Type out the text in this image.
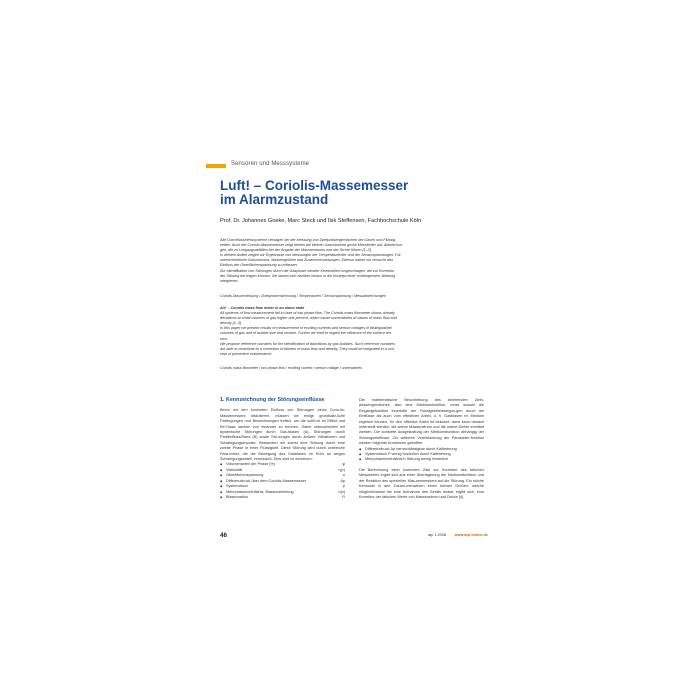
Sensoren und Messsysteme
Luft! – Coriolis-Massemesser
im Alarmzustand
Prof. Dr. Johannes Goeke, Marc Steck und Ilsk Steffensen, Fachhochschule Köln

Alle Durchflussmesssysteme versagen bei der Messung von Zweiphasengemischen bei Gasen und Flüssig-

keiten. Auch der Coriolis-Massemesser zeigt bereits bei kleinen Gasvolumina große Messfehler auf. Abweichun-

gen, die zu Umgangsabfällen bei der Angabe der Massenstroms und der Dichte führen [1–3].

In diesem Artikel zeigen wir Ergebnisse von Messungen der Temperaturfehler und der Sensorspannungen. Für

unterschiedliche Gasvolumina, Massengrößen und Zusammensetzungen. Ebenso haben wir versucht den

Einfluss der Oberflächenspannung zu erfassen.

Zur Identifikation von Störungen durch die Gasphase werden Kennzahlen vorgeschlagen, die zur Korrektur

der Störung bei tragen können. Sie lassen sich darüber hinaus in die Konzept einer vorbeugenden Wartung

integrieren.

Coriolis-Massemessung / Zweiphasenströmung / Temperaturen / Sensorspannung / Messabweichungen

Air! – Coriolis mass flow meter in an alarm state

All systems of flow measurement fail in case of two phase flow. The Coriolis mass flowmeter shows already

deviations at small volumes of gas higher one percent, which cause uncertainties of values of mass flow and

density [1–3].

In this paper we present results of measurement of exciting currents and sensor voltages of distinguished

volumes of gas and of bubble size and mixture. Further we tried to regard the influence of the surface ten-

sion.

We propose reference numbers for the identification of distortions by gas bubbles. Such reference numbers

are able to contribute to a correction of failures of mass flow and density. They could be integrated in a con-

cept of preventive maintenance.

Coriolis mass flowmeter / two phase flow / exciting current / sensor voltage / uncertainties
1. Kennzeichnung der Störungseinflüsse

Bevor wir den konkreten Einfluss von Störungen eines Corio-lis-Massemessers diskutieren, müssen wir einige grundsätz-liche Festlegungen und Bezeichnungen treffen, um die schli-ch im Effekt und Ein?üsse sachen von einander zu trennen. Dabei unterscheiden wir dynamische Störungen durch Gas-blasen (A), Störungen durch Partikelfluss/Sand (B) sowie Stö-rungen durch äußere Vibrationen und Schwingungsimpulse. Betrachten wir zuerst eine Störung durch eine zweite Phase in einer Flüssigkeit. Diese Störung wird durch zahlreiche Para-meter, die die Bewegung des Gasblasen im Rohr an wegen Schwingungsanteil, verursacht. Dies sind im einzelnen:

◆ Volumenanteil der Phase (%)	φ
◆ Viskosität	η(ν)
◆ Oberflächenspannung	σ
◆ Differenzdruck über dem Coriolis-Massemesser	Δp
◆ Systemdruck	p
◆ Mehrphasenverhältnis, Blasenverteilung	b(x)
◆ Blasenradius	R

Die mathematische Beschreibung des strömenden Zwei-phasengemisches, also eine Mediumsfunktion, muss sowohl die Eingangsfunktion innerhalb der Flüssigkeitsbewegun-gen durch die Einflüsse als auch vom effektiven Anteil, d. h. Gasblasen im Medium ergeben können, für den effektive Anteil ist bekannt, dann kann danach unterstellt werden, die wahre Massenstrom und die wahre Dichte ermittelt werden. Die konkrete Ausgestaltung der Mediumsfunktion abhängig der Störungseinflüsse. Zur weiteren Vereinfachung der Parameter-funktion werden folgende Annahmen getroffen:

◆ Differenzdruck Δp vernachlässigbar durch Kalibrierung
◆ Systemdruck P wenig hinderlich durch Kalibrierung
◆ Mehrphasenverhältnis b Störung wenig hinderlich

Die Berechnung einer konkreten Zahl zur Korrektur des falschen Messwertes ergibt sich aus einer Überlagerung der Mediumsfunktion und der Reaktion des speziellen Mas-senmessers auf die Störung. Ein solche Kennzahl in den Zusam-menwirken einen kleinen Größen, welche möglicherweise bei eine Aufnahme des Geräts lesbar, ergibt sich, eine Korrektur der falschen Werte von Massenstrom und Dichte [4].

46	atp 1.2008 www.atp-online.de
